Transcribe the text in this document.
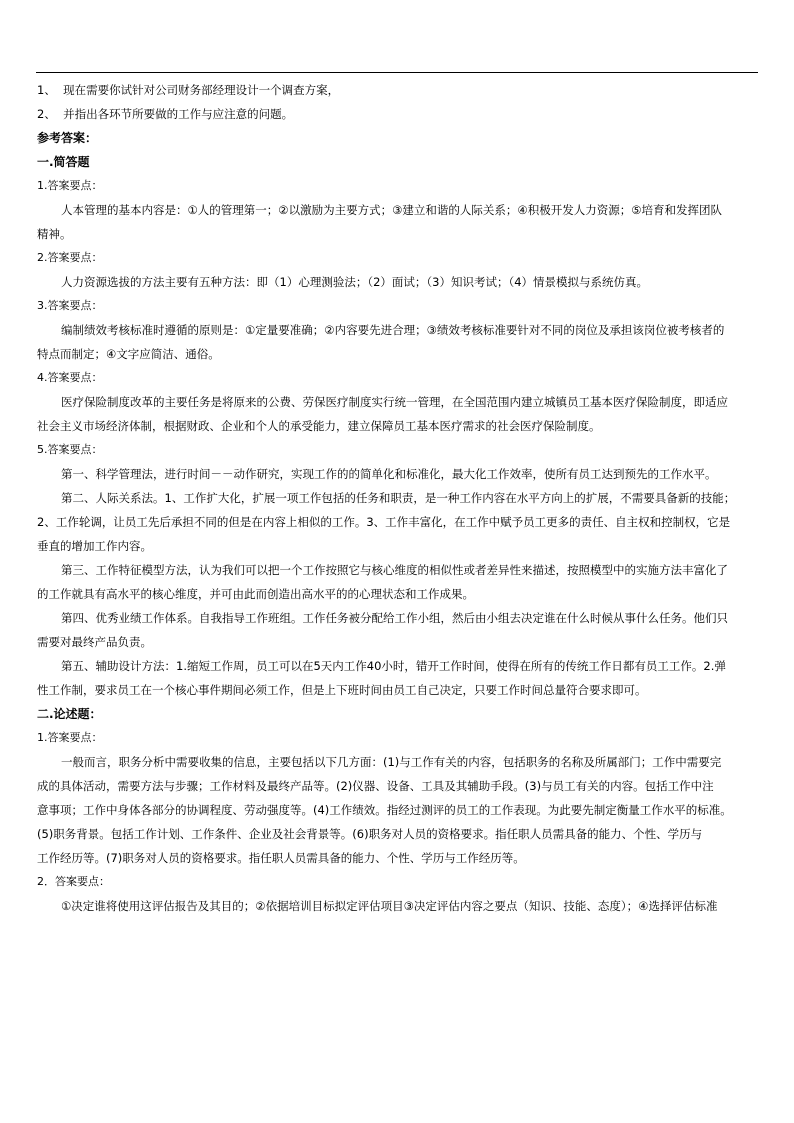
1、  现在需要你试针对公司财务部经理设计一个调查方案，
2、  并指出各环节所要做的工作与应注意的问题。
参考答案：
一.简答题
1.答案要点：
人本管理的基本内容是：①人的管理第一；②以激励为主要方式；③建立和谐的人际关系；④积极开发人力资源；⑤培育和发挥团队
精神。
2.答案要点：
人力资源选拔的方法主要有五种方法：即（1）心理测验法；（2）面试；（3）知识考试；（4）情景模拟与系统仿真。
3.答案要点：
编制绩效考核标准时遵循的原则是：①定量要准确；②内容要先进合理；③绩效考核标准要针对不同的岗位及承担该岗位被考核者的
特点而制定；④文字应简洁、通俗。
4.答案要点：
医疗保险制度改革的主要任务是将原来的公费、劳保医疗制度实行统一管理，在全国范围内建立城镇员工基本医疗保险制度，即适应
社会主义市场经济体制，根据财政、企业和个人的承受能力，建立保障员工基本医疗需求的社会医疗保险制度。
5.答案要点：
第一、科学管理法，进行时间－－动作研究，实现工作的的简单化和标准化，最大化工作效率，使所有员工达到预先的工作水平。
第二、人际关系法。1、工作扩大化，扩展一项工作包括的任务和职责，是一种工作内容在水平方向上的扩展，不需要具备新的技能；
2、工作轮调，让员工先后承担不同的但是在内容上相似的工作。3、工作丰富化，在工作中赋予员工更多的责任、自主权和控制权，它是
垂直的增加工作内容。
第三、工作特征模型方法，认为我们可以把一个工作按照它与核心维度的相似性或者差异性来描述，按照模型中的实施方法丰富化了
的工作就具有高水平的核心维度，并可由此而创造出高水平的的心理状态和工作成果。
第四、优秀业绩工作体系。自我指导工作班组。工作任务被分配给工作小组，然后由小组去决定谁在什么时候从事什么任务。他们只
需要对最终产品负责。
第五、辅助设计方法：1.缩短工作周，员工可以在5天内工作40小时，错开工作时间，使得在所有的传统工作日都有员工工作。2.弹
性工作制，要求员工在一个核心事件期间必须工作，但是上下班时间由员工自己决定，只要工作时间总量符合要求即可。
二.论述题：
1.答案要点：
一般而言，职务分析中需要收集的信息，主要包括以下几方面：(1)与工作有关的内容，包括职务的名称及所属部门；工作中需要完
成的具体活动，需要方法与步骤；工作材料及最终产品等。(2)仪器、设备、工具及其辅助手段。(3)与员工有关的内容。包括工作中注
意事项；工作中身体各部分的协调程度、劳动强度等。(4)工作绩效。指经过测评的员工的工作表现。为此要先制定衡量工作水平的标准。
(5)职务背景。包括工作计划、工作条件、企业及社会背景等。(6)职务对人员的资格要求。指任职人员需具备的能力、个性、学历与
工作经历等。(7)职务对人员的资格要求。指任职人员需具备的能力、个性、学历与工作经历等。
2．答案要点：
①决定谁将使用这评估报告及其目的；②依据培训目标拟定评估项目③决定评估内容之要点（知识、技能、态度）；④选择评估标准
